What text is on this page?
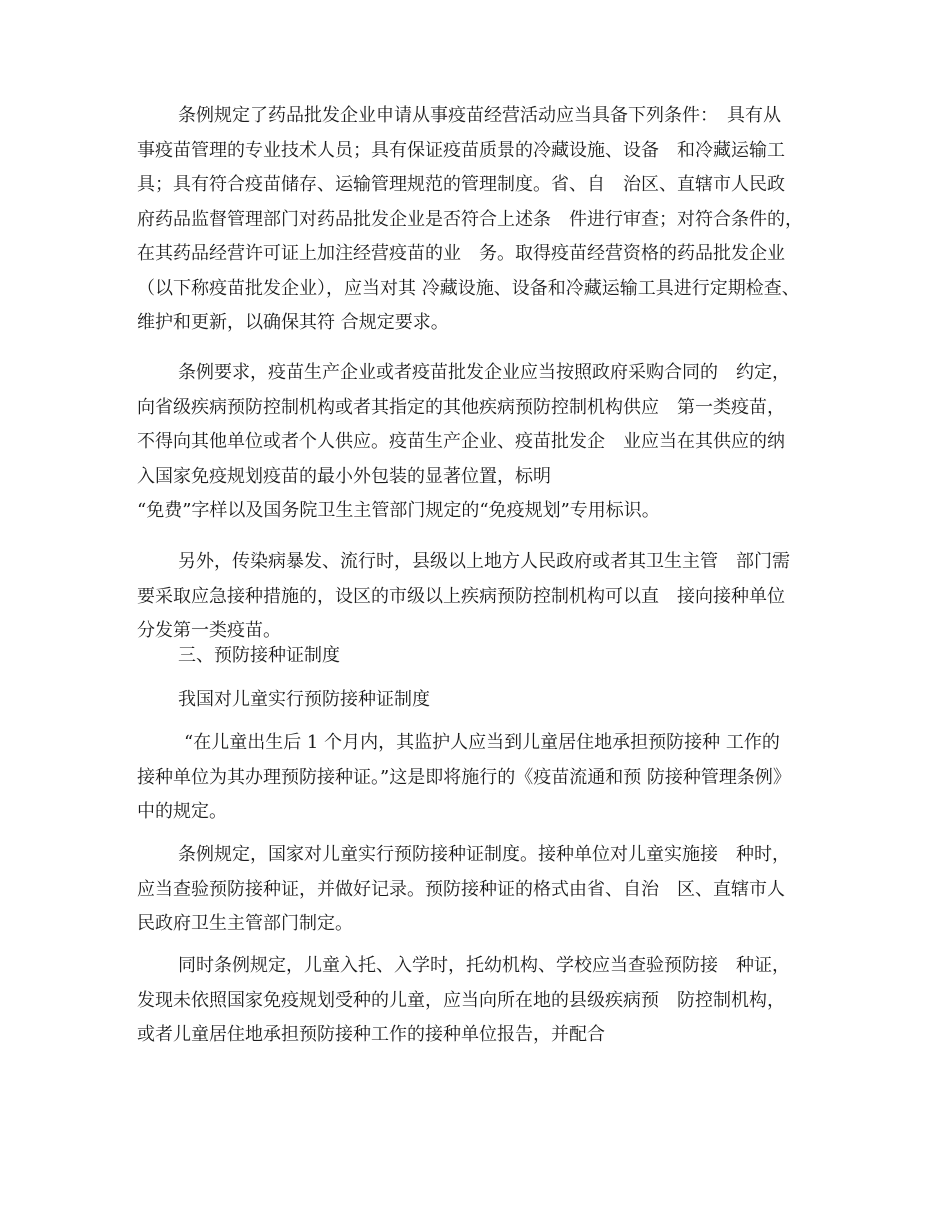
条例规定了药品批发企业申请从事疫苗经营活动应当具备下列条件：　具有从
事疫苗管理的专业技术人员；具有保证疫苗质景的冷藏设施、设备　和冷藏运输工
具；具有符合疫苗储存、运输管理规范的管理制度。省、自　治区、直辖市人民政
府药品监督管理部门对药品批发企业是否符合上述条　件进行审查；对符合条件的，
在其药品经营许可证上加注经营疫苗的业　务。取得疫苗经营资格的药品批发企业
（以下称疫苗批发企业），应当对其 冷藏设施、设备和冷藏运输工具进行定期检查、
维护和更新，以确保其符 合规定要求。
条例要求，疫苗生产企业或者疫苗批发企业应当按照政府采购合同的　约定，
向省级疾病预防控制机构或者其指定的其他疾病预防控制机构供应　第一类疫苗，
不得向其他单位或者个人供应。疫苗生产企业、疫苗批发企　业应当在其供应的纳
入国家免疫规划疫苗的最小外包装的显著位置，标明
“免费”字样以及国务院卫生主管部门规定的“免疫规划”专用标识。
另外，传染病暴发、流行时，县级以上地方人民政府或者其卫生主管　部门需
要采取应急接种措施的，设区的市级以上疾病预防控制机构可以直　接向接种单位
分发第一类疫苗。
三、预防接种证制度
我国对儿童实行预防接种证制度
“在儿童出生后 1 个月内，其监护人应当到儿童居住地承担预防接种 工作的
接种单位为其办理预防接种证。”这是即将施行的《疫苗流通和预 防接种管理条例》
中的规定。
条例规定，国家对儿童实行预防接种证制度。接种单位对儿童实施接　种时，
应当查验预防接种证，并做好记录。预防接种证的格式由省、自治　区、直辖市人
民政府卫生主管部门制定。
同时条例规定，儿童入托、入学时，托幼机构、学校应当查验预防接　种证，
发现未依照国家免疫规划受种的儿童，应当向所在地的县级疾病预　防控制机构，
或者儿童居住地承担预防接种工作的接种单位报告，并配合
